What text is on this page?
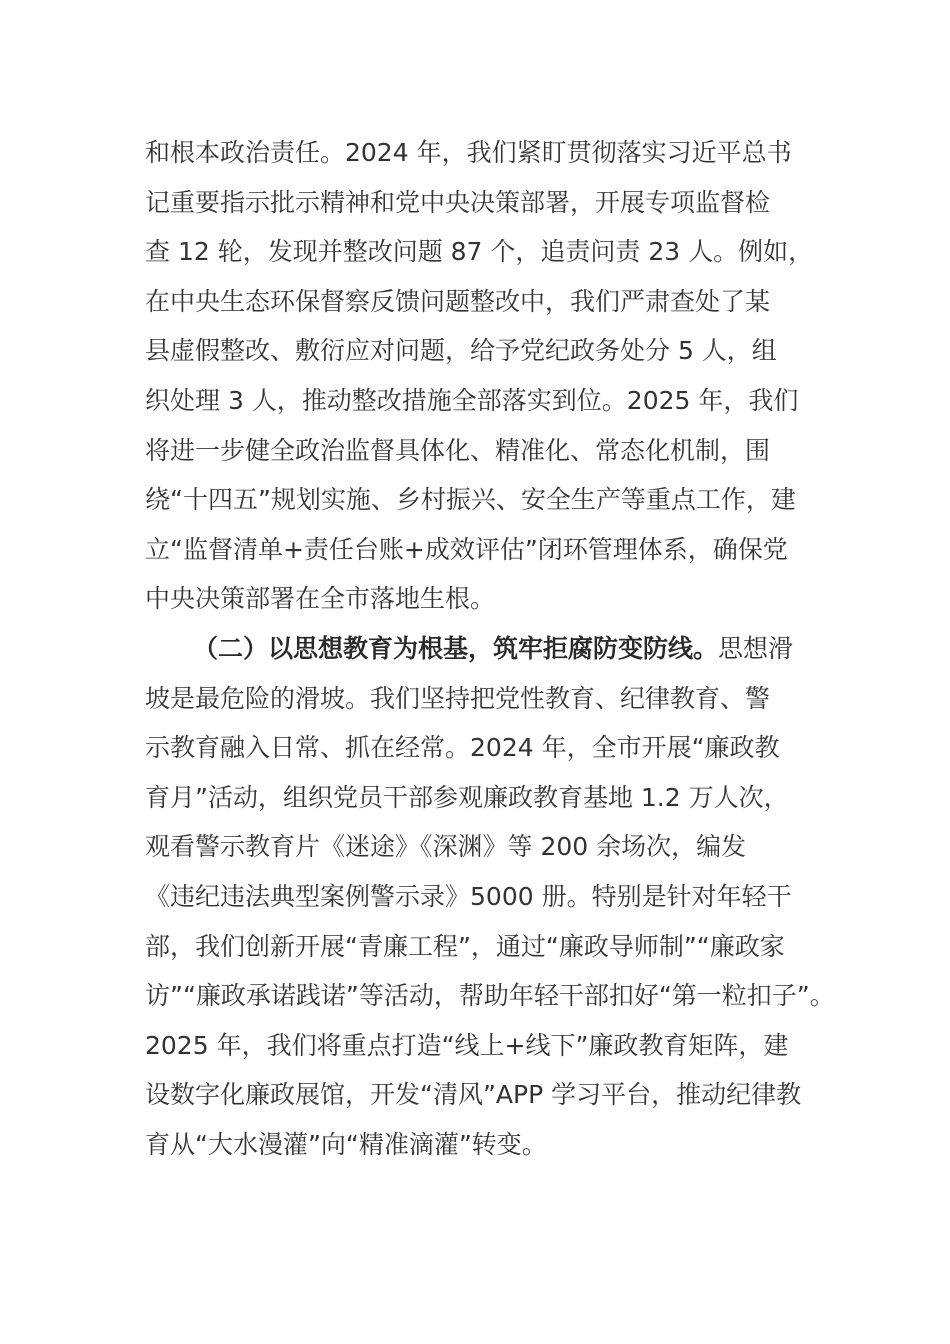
和根本政治责任。2024 年，我们紧盯贯彻落实习近平总书
记重要指示批示精神和党中央决策部署，开展专项监督检
查 12 轮，发现并整改问题 87 个，追责问责 23 人。例如，
在中央生态环保督察反馈问题整改中，我们严肃查处了某
县虚假整改、敷衍应对问题，给予党纪政务处分 5 人，组
织处理 3 人，推动整改措施全部落实到位。2025 年，我们
将进一步健全政治监督具体化、精准化、常态化机制，围
绕“十四五”规划实施、乡村振兴、安全生产等重点工作，建
立“监督清单+责任台账+成效评估”闭环管理体系，确保党
中央决策部署在全市落地生根。
（二）以思想教育为根基，筑牢拒腐防变防线。思想滑
坡是最危险的滑坡。我们坚持把党性教育、纪律教育、警
示教育融入日常、抓在经常。2024 年，全市开展“廉政教
育月”活动，组织党员干部参观廉政教育基地 1.2 万人次，
观看警示教育片《迷途》《深渊》等 200 余场次，编发
《违纪违法典型案例警示录》5000 册。特别是针对年轻干
部，我们创新开展“青廉工程”，通过“廉政导师制”“廉政家
访”“廉政承诺践诺”等活动，帮助年轻干部扣好“第一粒扣子”。
2025 年，我们将重点打造“线上+线下”廉政教育矩阵，建
设数字化廉政展馆，开发“清风”APP 学习平台，推动纪律教
育从“大水漫灌”向“精准滴灌”转变。
